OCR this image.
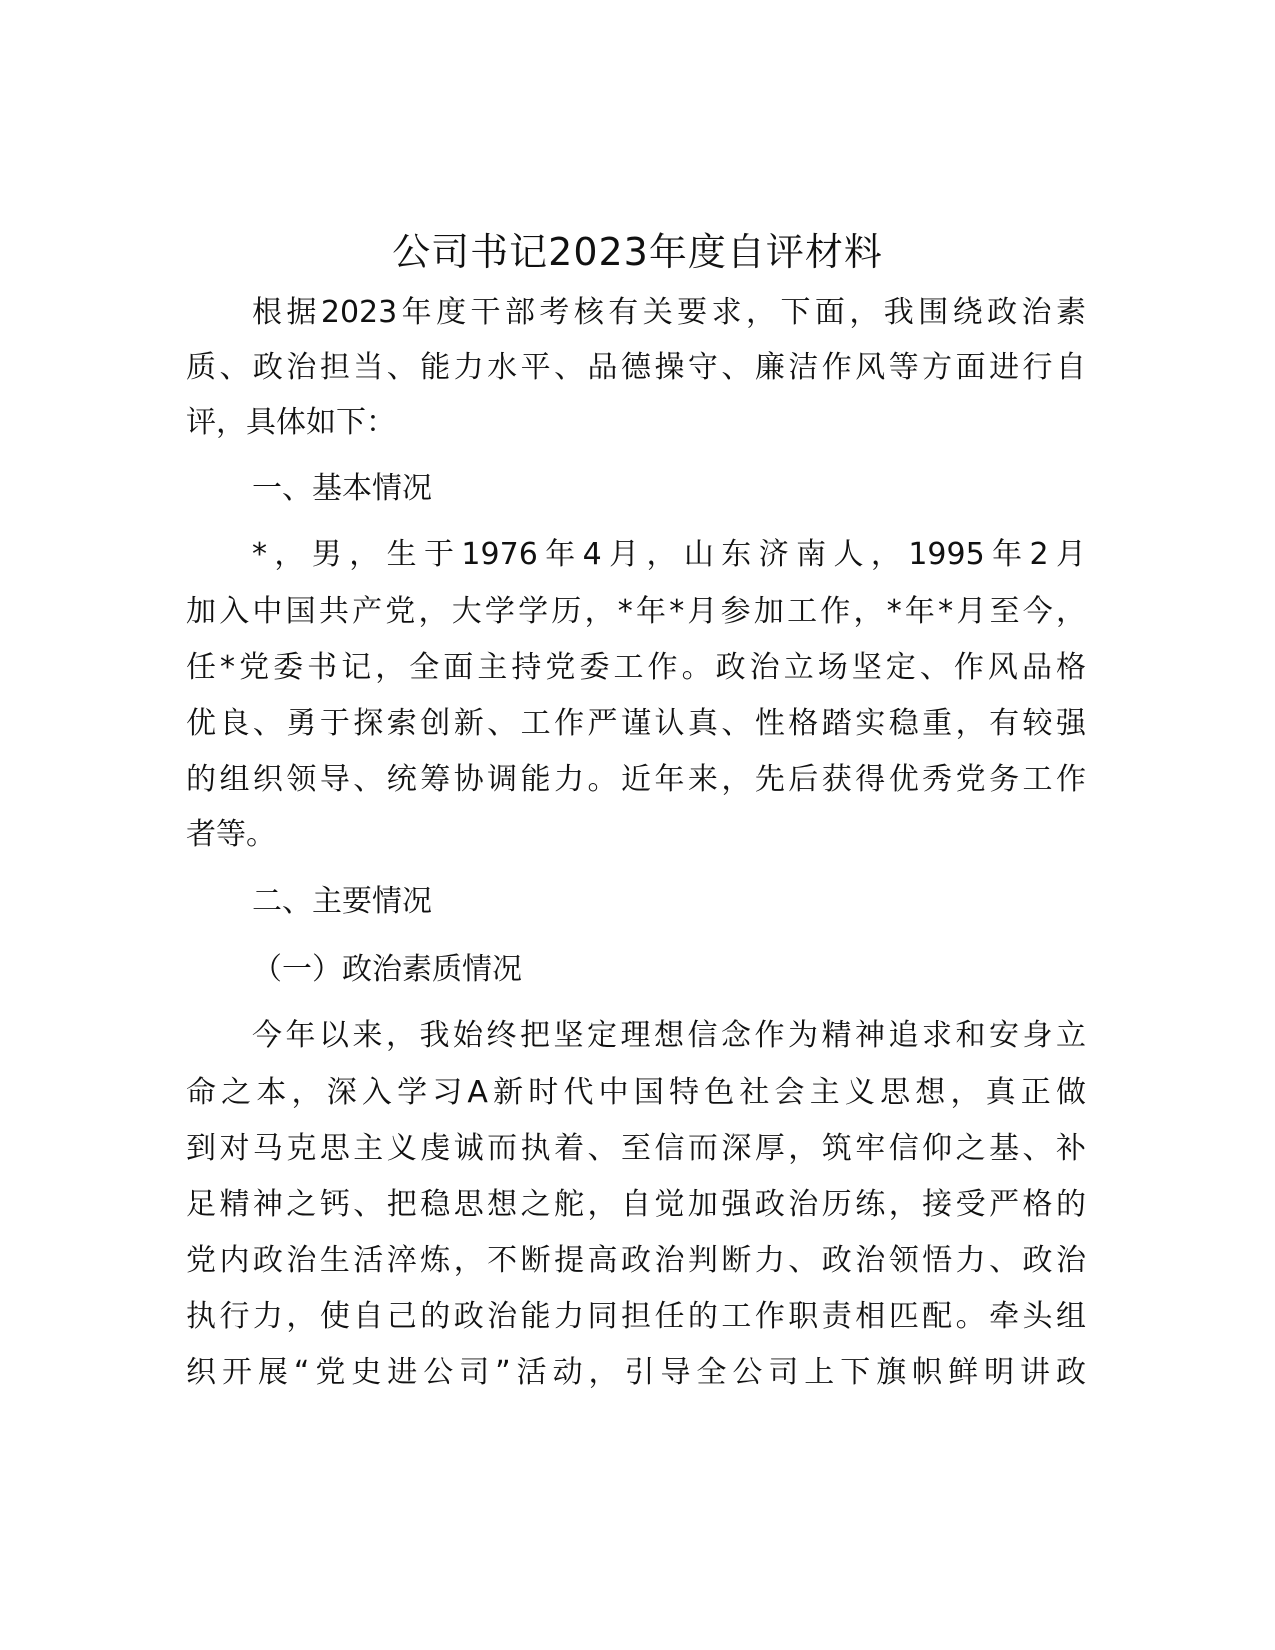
公司书记2023年度自评材料
根据2023年度干部考核有关要求，下面，我围绕政治素
质、政治担当、能力水平、品德操守、廉洁作风等方面进行自
评，具体如下：
一、基本情况
*，男，生于1976年4月，山东济南人，1995年2月
加入中国共产党，大学学历，*年*月参加工作，*年*月至今，
任*党委书记，全面主持党委工作。政治立场坚定、作风品格
优良、勇于探索创新、工作严谨认真、性格踏实稳重，有较强
的组织领导、统筹协调能力。近年来，先后获得优秀党务工作
者等。
二、主要情况
（一）政治素质情况
今年以来，我始终把坚定理想信念作为精神追求和安身立
命之本，深入学习A新时代中国特色社会主义思想，真正做
到对马克思主义虔诚而执着、至信而深厚，筑牢信仰之基、补
足精神之钙、把稳思想之舵，自觉加强政治历练，接受严格的
党内政治生活淬炼，不断提高政治判断力、政治领悟力、政治
执行力，使自己的政治能力同担任的工作职责相匹配。牵头组
织开展“党史进公司”活动，引导全公司上下旗帜鲜明讲政
